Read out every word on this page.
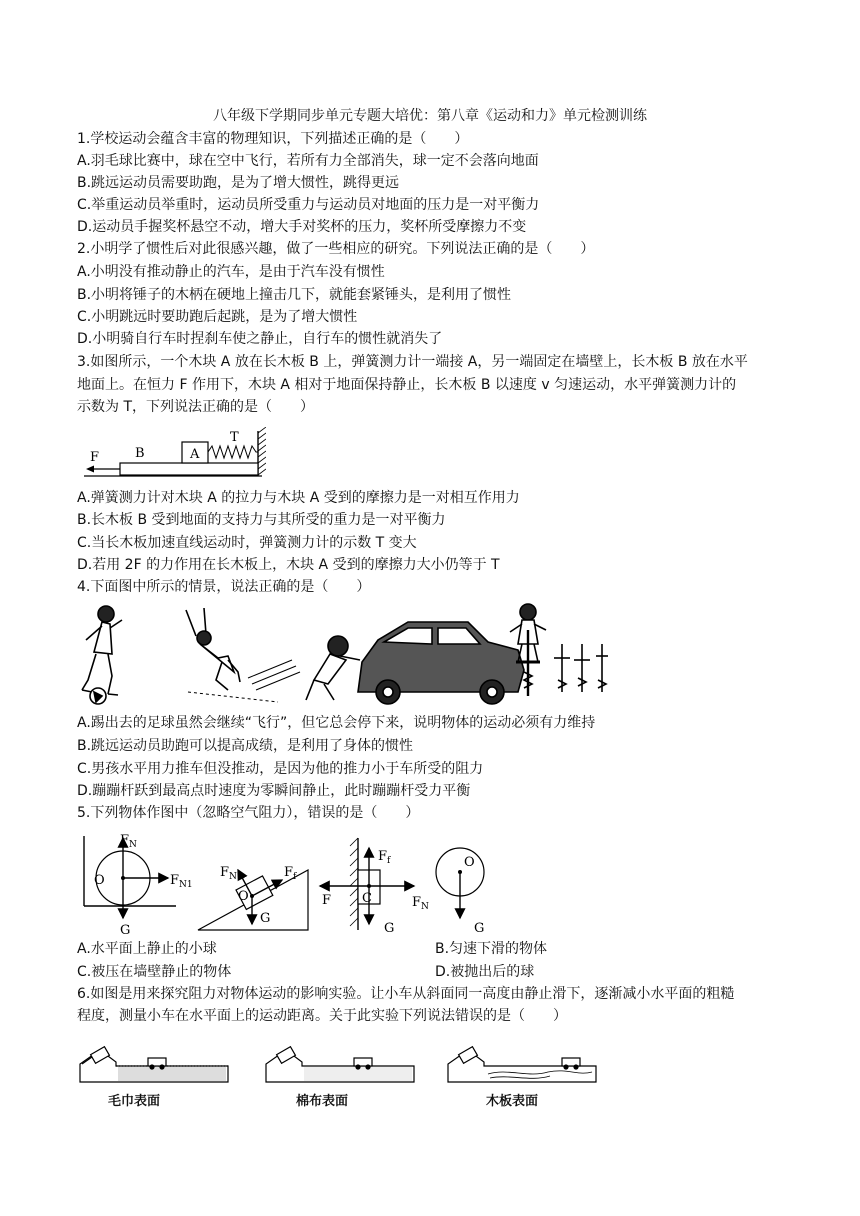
八年级下学期同步单元专题大培优：第八章《运动和力》单元检测训练
1.学校运动会蕴含丰富的物理知识，下列描述正确的是（　　）
A.羽毛球比赛中，球在空中飞行，若所有力全部消失，球一定不会落向地面
B.跳远运动员需要助跑，是为了增大惯性，跳得更远
C.举重运动员举重时，运动员所受重力与运动员对地面的压力是一对平衡力
D.运动员手握奖杯悬空不动，增大手对奖杯的压力，奖杯所受摩擦力不变
2.小明学了惯性后对此很感兴趣，做了一些相应的研究。下列说法正确的是（　　）
A.小明没有推动静止的汽车，是由于汽车没有惯性
B.小明将锤子的木柄在硬地上撞击几下，就能套紧锤头，是利用了惯性
C.小明跳远时要助跑后起跳，是为了增大惯性
D.小明骑自行车时捏刹车使之静止，自行车的惯性就消失了
3.如图所示，一个木块 A 放在长木板 B 上，弹簧测力计一端接 A，另一端固定在墙壁上，长木板 B 放在水平
地面上。在恒力 F 作用下，木块 A 相对于地面保持静止，长木板 B 以速度 v 匀速运动，水平弹簧测力计的
示数为 T，下列说法正确的是（　　）
F	B	A
T
A.弹簧测力计对木块 A 的拉力与木块 A 受到的摩擦力是一对相互作用力
B.长木板 B 受到地面的支持力与其所受的重力是一对平衡力
C.当长木板加速直线运动时，弹簧测力计的示数 T 变大
D.若用 2F 的力作用在长木板上，木块 A 受到的摩擦力大小仍等于 T
4.下面图中所示的情景，说法正确的是（　　）
A.踢出去的足球虽然会继续“飞行”，但它总会停下来，说明物体的运动必须有力维持
B.跳远运动员助跑可以提高成绩，是利用了身体的惯性
C.男孩水平用力推车但没推动，是因为他的推力小于车所受的阻力
D.蹦蹦杆跃到最高点时速度为零瞬间静止，此时蹦蹦杆受力平衡
5.下列物体作图中（忽略空气阻力），错误的是（　　）
$F_N$
O	$F_{N1}$
G
$F_N$	$F_f$
O
G
$F_f$
F C	$F_N$
G
O
G
A.水平面上静止的小球	B.匀速下滑的物体
C.被压在墙壁静止的物体	D.被抛出后的球
6.如图是用来探究阻力对物体运动的影响实验。让小车从斜面同一高度由静止滑下，逐渐减小水平面的粗糙
程度，测量小车在水平面上的运动距离。关于此实验下列说法错误的是（　　）
毛巾表面	棉布表面	木板表面
